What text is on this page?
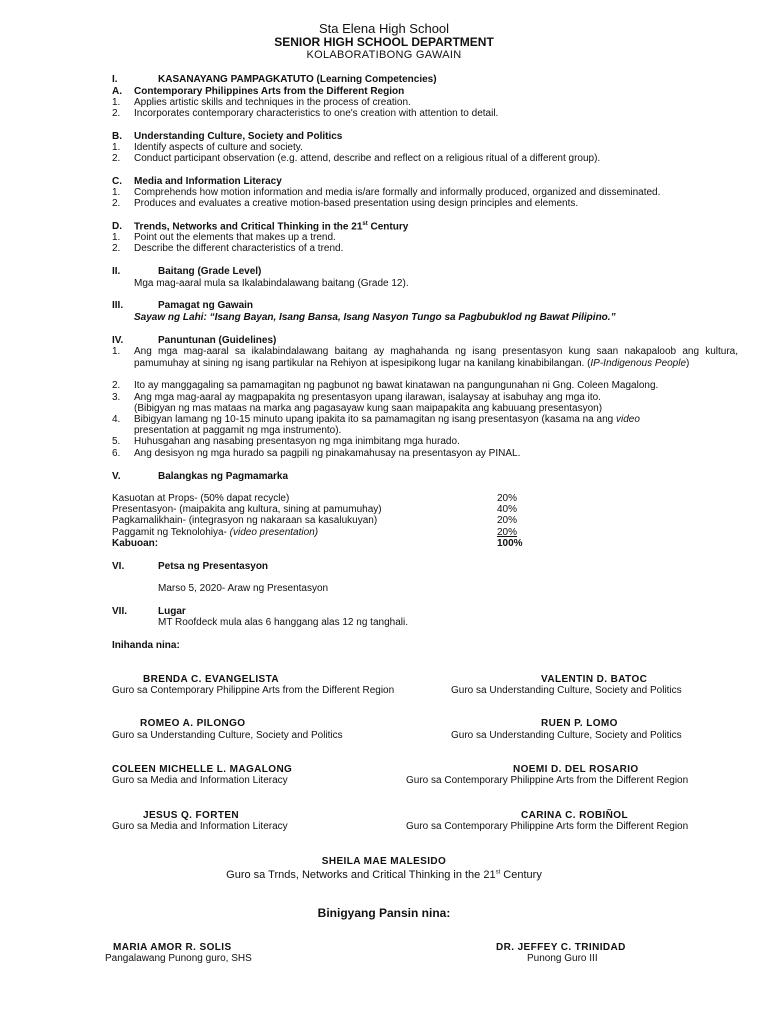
Sta Elena High School
SENIOR HIGH SCHOOL DEPARTMENT
KOLABORATIBONG GAWAIN
I.	KASANAYANG PAMPAGKATUTO (Learning Competencies)
A. Contemporary Philippines Arts from the Different Region
1. Applies artistic skills and techniques in the process of creation.
2. Incorporates contemporary characteristics to one's creation with attention to detail.
B. Understanding Culture, Society and Politics
1. Identify aspects of culture and society.
2. Conduct participant observation (e.g. attend, describe and reflect on a religious ritual of a different group).
C. Media and Information Literacy
1. Comprehends how motion information and media is/are formally and informally produced, organized and disseminated.
2. Produces and evaluates a creative motion-based presentation using design principles and elements.
D. Trends, Networks and Critical Thinking in the 21st Century
1. Point out the elements that makes up a trend.
2. Describe the different characteristics of a trend.
II.	Baitang (Grade Level)
Mga mag-aaral mula sa Ikalabindalawang baitang (Grade 12).
III.	Pamagat ng Gawain
Sayaw ng Lahi: “Isang Bayan, Isang Bansa, Isang Nasyon Tungo sa Pagbubuklod ng Bawat Pilipino.”
IV.	Panuntunan (Guidelines)
1. Ang mga mag-aaral sa ikalabindalawang baitang ay maghahanda ng isang presentasyon kung saan nakapaloob ang kultura, pamumuhay at sining ng isang partikular na Rehiyon at ispesipikong lugar na kanilang kinabibilangan. (IP-Indigenous People)
2. Ito ay manggagaling sa pamamagitan ng pagbunot ng bawat kinatawan na pangungunahan ni Gng. Coleen Magalong.
3. Ang mga mag-aaral ay magpapakita ng presentasyon upang ilarawan, isalaysay at isabuhay ang mga ito.
(Bibigyan ng mas mataas na marka ang pagasayaw kung saan maipapakita ang kabuuang presentasyon)
4. Bibigyan lamang ng 10-15 minuto upang ipakita ito sa pamamagitan ng isang presentasyon (kasama na ang video
presentation at paggamit ng mga instrumento).
5. Huhusgahan ang nasabing presentasyon ng mga inimbitang mga hurado.
6. Ang desisyon ng mga hurado sa pagpili ng pinakamahusay na presentasyon ay PINAL.
V.	Balangkas ng Pagmamarka
Kasuotan at Props- (50% dapat recycle)	20%
Presentasyon- (maipakita ang kultura, sining at pamumuhay)	40%
Pagkamalikhain- (integrasyon ng nakaraan sa kasalukuyan)	20%
Paggamit ng Teknolohiya- (video presentation)	20%
Kabuoan:	100%
VI.	Petsa ng Presentasyon
Marso 5, 2020- Araw ng Presentasyon
VII.	Lugar
MT Roofdeck mula alas 6 hanggang alas 12 ng tanghali.
Inihanda nina:
BRENDA C. EVANGELISTA
Guro sa Contemporary Philippine Arts from the Different Region
VALENTIN D. BATOC
Guro sa Understanding Culture, Society and Politics
ROMEO A. PILONGO
Guro sa Understanding Culture, Society and Politics
RUEN P. LOMO
Guro sa Understanding Culture, Society and Politics
COLEEN MICHELLE L. MAGALONG
Guro sa Media and Information Literacy
NOEMI D. DEL ROSARIO
Guro sa Contemporary Philippine Arts from the Different Region
JESUS Q. FORTEN
Guro sa Media and Information Literacy
CARINA C. ROBIÑOL
Guro sa Contemporary Philippine Arts form the Different Region
SHEILA MAE MALESIDO
Guro sa Trnds, Networks and Critical Thinking in the 21st Century
Binigyang Pansin nina:
MARIA AMOR R. SOLIS
Pangalawang Punong guro, SHS
DR. JEFFEY C. TRINIDAD
Punong Guro III
